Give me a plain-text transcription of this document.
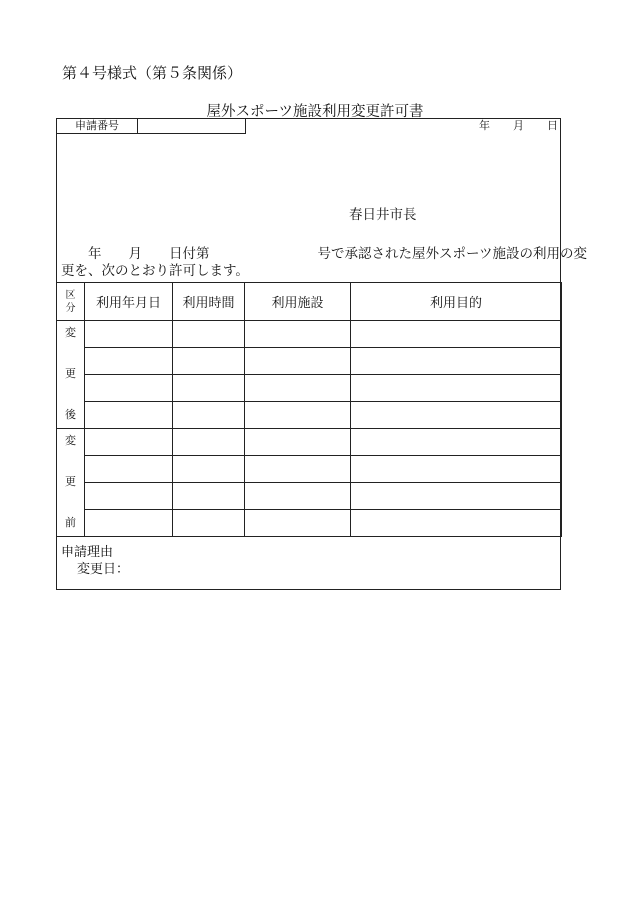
第４号様式（第５条関係）
屋外スポーツ施設利用変更許可書
申請番号	年 月 日
春日井市長
　　年　　月　　日付第　　　　　　　　号で承認された屋外スポーツ施設の利用の変
更を、次のとおり許可します。
区
分	利用年月日	利用時間	利用施設	利用目的

変
更
後				

変
更
前				

申請理由
変更日：
